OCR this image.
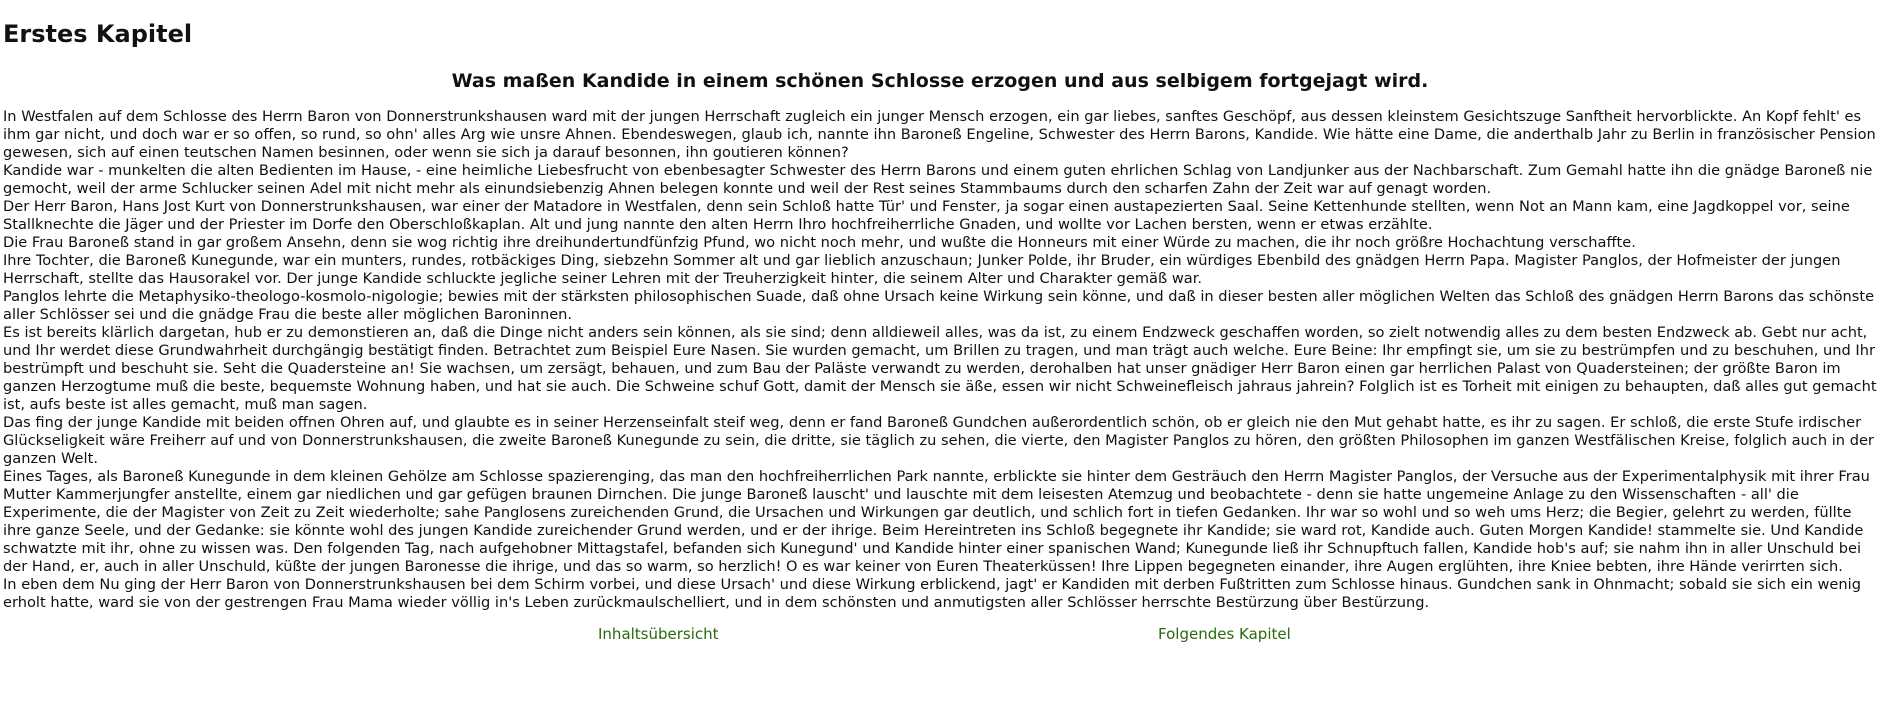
Erstes Kapitel
Was maßen Kandide in einem schönen Schlosse erzogen und aus selbigem fortgejagt wird.

In Westfalen auf dem Schlosse des Herrn Baron von Donnerstrunkshausen ward mit der jungen Herrschaft zugleich ein junger Mensch erzogen, ein gar liebes, sanftes Geschöpf, aus dessen kleinstem Gesichtszuge Sanftheit hervorblickte. An Kopf fehlt' es ihm gar nicht, und doch war er so offen, so rund, so ohn' alles Arg wie unsre Ahnen. Ebendeswegen, glaub ich, nannte ihn Baroneß Engeline, Schwester des Herrn Barons, Kandide. Wie hätte eine Dame, die anderthalb Jahr zu Berlin in französischer Pension gewesen, sich auf einen teutschen Namen besinnen, oder wenn sie sich ja darauf besonnen, ihn goutieren können?

Kandide war - munkelten die alten Bedienten im Hause, - eine heimliche Liebesfrucht von ebenbesagter Schwester des Herrn Barons und einem guten ehrlichen Schlag von Landjunker aus der Nachbarschaft. Zum Gemahl hatte ihn die gnädge Baroneß nie gemocht, weil der arme Schlucker seinen Adel mit nicht mehr als einundsiebenzig Ahnen belegen konnte und weil der Rest seines Stammbaums durch den scharfen Zahn der Zeit war auf genagt worden.

Der Herr Baron, Hans Jost Kurt von Donnerstrunkshausen, war einer der Matadore in Westfalen, denn sein Schloß hatte Tür' und Fenster, ja sogar einen austapezierten Saal. Seine Kettenhunde stellten, wenn Not an Mann kam, eine Jagdkoppel vor, seine Stallknechte die Jäger und der Priester im Dorfe den Oberschloßkaplan. Alt und jung nannte den alten Herrn Ihro hochfreiherrliche Gnaden, und wollte vor Lachen bersten, wenn er etwas erzählte.

Die Frau Baroneß stand in gar großem Ansehn, denn sie wog richtig ihre dreihundertundfünfzig Pfund, wo nicht noch mehr, und wußte die Honneurs mit einer Würde zu machen, die ihr noch größre Hochachtung verschaffte.

Ihre Tochter, die Baroneß Kunegunde, war ein munters, rundes, rotbäckiges Ding, siebzehn Sommer alt und gar lieblich anzuschaun; Junker Polde, ihr Bruder, ein würdiges Ebenbild des gnädgen Herrn Papa. Magister Panglos, der Hofmeister der jungen Herrschaft, stellte das Hausorakel vor. Der junge Kandide schluckte jegliche seiner Lehren mit der Treuherzigkeit hinter, die seinem Alter und Charakter gemäß war.

Panglos lehrte die Metaphysiko-theologo-kosmolo-nigologie; bewies mit der stärksten philosophischen Suade, daß ohne Ursach keine Wirkung sein könne, und daß in dieser besten aller möglichen Welten das Schloß des gnädgen Herrn Barons das schönste aller Schlösser sei und die gnädge Frau die beste aller möglichen Baroninnen.

Es ist bereits klärlich dargetan, hub er zu demonstieren an, daß die Dinge nicht anders sein können, als sie sind; denn alldieweil alles, was da ist, zu einem Endzweck geschaffen worden, so zielt notwendig alles zu dem besten Endzweck ab. Gebt nur acht, und Ihr werdet diese Grundwahrheit durchgängig bestätigt finden. Betrachtet zum Beispiel Eure Nasen. Sie wurden gemacht, um Brillen zu tragen, und man trägt auch welche. Eure Beine: Ihr empfingt sie, um sie zu bestrümpfen und zu beschuhen, und Ihr bestrümpft und beschuht sie. Seht die Quadersteine an! Sie wachsen, um zersägt, behauen, und zum Bau der Paläste verwandt zu werden, derohalben hat unser gnädiger Herr Baron einen gar herrlichen Palast von Quadersteinen; der größte Baron im ganzen Herzogtume muß die beste, bequemste Wohnung haben, und hat sie auch. Die Schweine schuf Gott, damit der Mensch sie äße, essen wir nicht Schweinefleisch jahraus jahrein? Folglich ist es Torheit mit einigen zu behaupten, daß alles gut gemacht ist, aufs beste ist alles gemacht, muß man sagen.

Das fing der junge Kandide mit beiden offnen Ohren auf, und glaubte es in seiner Herzenseinfalt steif weg, denn er fand Baroneß Gundchen außerordentlich schön, ob er gleich nie den Mut gehabt hatte, es ihr zu sagen. Er schloß, die erste Stufe irdischer Glückseligkeit wäre Freiherr auf und von Donnerstrunkshausen, die zweite Baroneß Kunegunde zu sein, die dritte, sie täglich zu sehen, die vierte, den Magister Panglos zu hören, den größten Philosophen im ganzen Westfälischen Kreise, folglich auch in der ganzen Welt.

Eines Tages, als Baroneß Kunegunde in dem kleinen Gehölze am Schlosse spazierenging, das man den hochfreiherrlichen Park nannte, erblickte sie hinter dem Gesträuch den Herrn Magister Panglos, der Versuche aus der Experimentalphysik mit ihrer Frau Mutter Kammerjungfer anstellte, einem gar niedlichen und gar gefügen braunen Dirnchen. Die junge Baroneß lauscht' und lauschte mit dem leisesten Atemzug und beobachtete - denn sie hatte ungemeine Anlage zu den Wissenschaften - all' die Experimente, die der Magister von Zeit zu Zeit wiederholte; sahe Panglosens zureichenden Grund, die Ursachen und Wirkungen gar deutlich, und schlich fort in tiefen Gedanken. Ihr war so wohl und so weh ums Herz; die Begier, gelehrt zu werden, füllte ihre ganze Seele, und der Gedanke: sie könnte wohl des jungen Kandide zureichender Grund werden, und er der ihrige. Beim Hereintreten ins Schloß begegnete ihr Kandide; sie ward rot, Kandide auch. Guten Morgen Kandide! stammelte sie. Und Kandide schwatzte mit ihr, ohne zu wissen was. Den folgenden Tag, nach aufgehobner Mittagstafel, befanden sich Kunegund' und Kandide hinter einer spanischen Wand; Kunegunde ließ ihr Schnupftuch fallen, Kandide hob's auf; sie nahm ihn in aller Unschuld bei der Hand, er, auch in aller Unschuld, küßte der jungen Baronesse die ihrige, und das so warm, so herzlich! O es war keiner von Euren Theaterküssen! Ihre Lippen begegneten einander, ihre Augen erglühten, ihre Kniee bebten, ihre Hände verirrten sich.

In eben dem Nu ging der Herr Baron von Donnerstrunkshausen bei dem Schirm vorbei, und diese Ursach' und diese Wirkung erblickend, jagt' er Kandiden mit derben Fußtritten zum Schlosse hinaus. Gundchen sank in Ohnmacht; sobald sie sich ein wenig erholt hatte, ward sie von der gestrengen Frau Mama wieder völlig in's Leben zurückmaulschelliert, und in dem schönsten und anmutigsten aller Schlösser herrschte Bestürzung über Bestürzung.

Inhaltsübersicht	Folgendes Kapitel
